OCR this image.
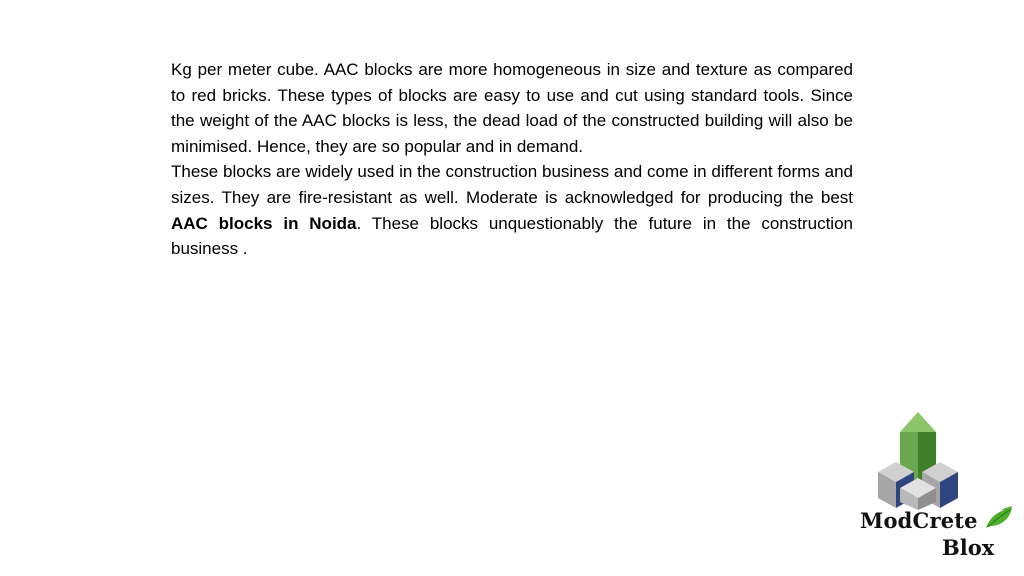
Kg per meter cube. AAC blocks are more homogeneous in size and texture as compared to red bricks. These types of blocks are easy to use and cut using standard tools. Since the weight of the AAC blocks is less, the dead load of the constructed building will also be minimised. Hence, they are so popular and in demand.

These blocks are widely used in the construction business and come in different forms and sizes. They are fire-resistant as well. Moderate is acknowledged for producing the best AAC blocks in Noida. These blocks unquestionably the future in the construction business .

ModCrete
Blox
